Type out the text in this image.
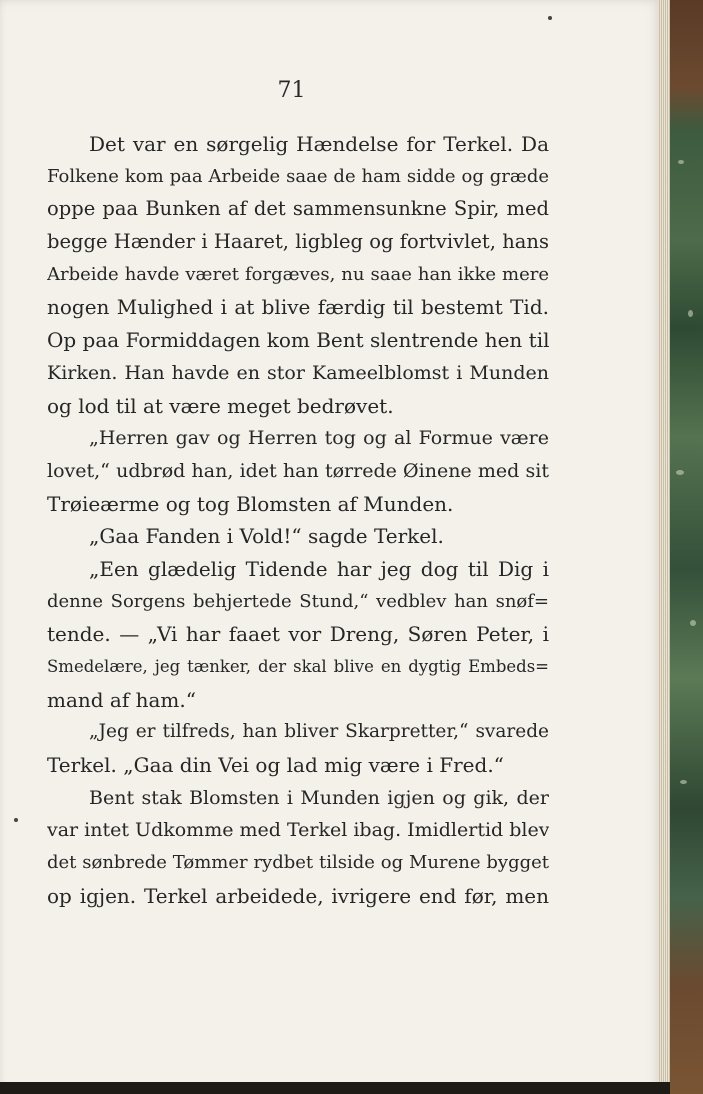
71
Det var en sørgelig Hændelse for Terkel. Da
Folkene kom paa Arbeide saae de ham sidde og græde
oppe paa Bunken af det sammensunkne Spir, med
begge Hænder i Haaret, ligbleg og fortvivlet, hans
Arbeide havde været forgæves, nu saae han ikke mere
nogen Mulighed i at blive færdig til bestemt Tid.
Op paa Formiddagen kom Bent slentrende hen til
Kirken. Han havde en stor Kameelblomst i Munden
og lod til at være meget bedrøvet.
„Herren gav og Herren tog og al Formue være
lovet,“ udbrød han, idet han tørrede Øinene med sit
Trøieærme og tog Blomsten af Munden.
„Gaa Fanden i Vold!“ sagde Terkel.
„Een glædelig Tidende har jeg dog til Dig i
denne Sorgens behjertede Stund,“ vedblev han snøf=
tende. — „Vi har faaet vor Dreng, Søren Peter, i
Smedelære, jeg tænker, der skal blive en dygtig Embeds=
mand af ham.“
„Jeg er tilfreds, han bliver Skarpretter,“ svarede
Terkel. „Gaa din Vei og lad mig være i Fred.“
Bent stak Blomsten i Munden igjen og gik, der
var intet Udkomme med Terkel ibag. Imidlertid blev
det sønbrede Tømmer rydbet tilside og Murene bygget
op igjen. Terkel arbeidede, ivrigere end før, men
